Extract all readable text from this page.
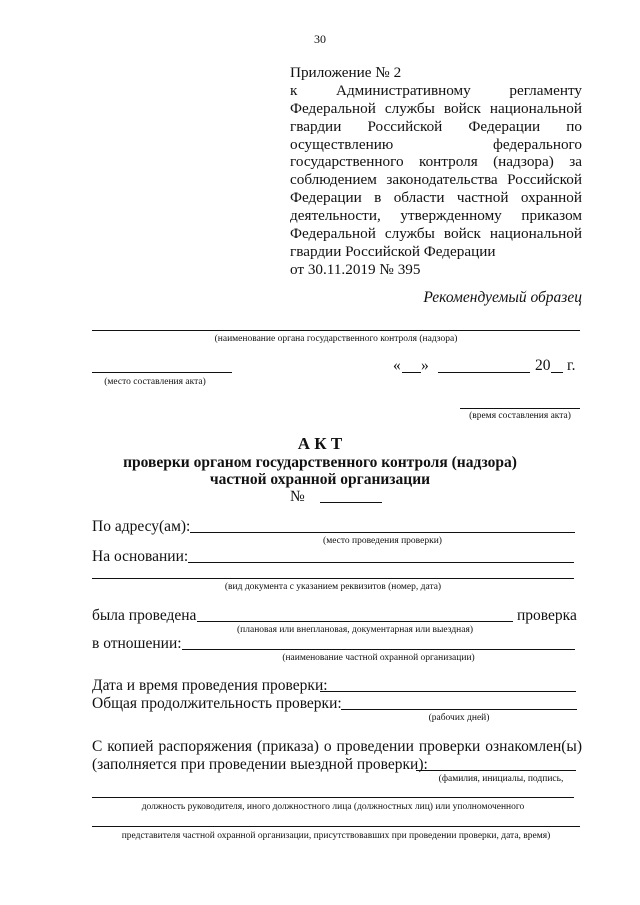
30
Приложение № 2
к Административному регламенту
Федеральной службы войск национальной
гвардии Российской Федерации по
осуществлению федерального
государственного контроля (надзора) за
соблюдением законодательства Российской
Федерации в области частной охранной
деятельности, утвержденному приказом
Федеральной службы войск национальной
гвардии Российской Федерации
от 30.11.2019 № 395
Рекомендуемый образец
(наименование органа государственного контроля (надзора)
(место составления акта)
« »	20 г.
(время составления акта)
А К Т
проверки органом государственного контроля (надзора)
частной охранной организации
№
По адресу(ам):
(место проведения проверки)
На основании:
(вид документа с указанием реквизитов (номер, дата)
была проведена	проверка
(плановая или внеплановая, документарная или выездная)
в отношении:
(наименование частной охранной организации)
Дата и время проведения проверки:
Общая продолжительность проверки:
(рабочих дней)
С копией распоряжения (приказа) о проведении проверки ознакомлен(ы)
(заполняется при проведении выездной проверки):
(фамилия, инициалы, подпись,
должность руководителя, иного должностного лица (должностных лиц) или уполномоченного
представителя частной охранной организации, присутствовавших при проведении проверки, дата, время)
